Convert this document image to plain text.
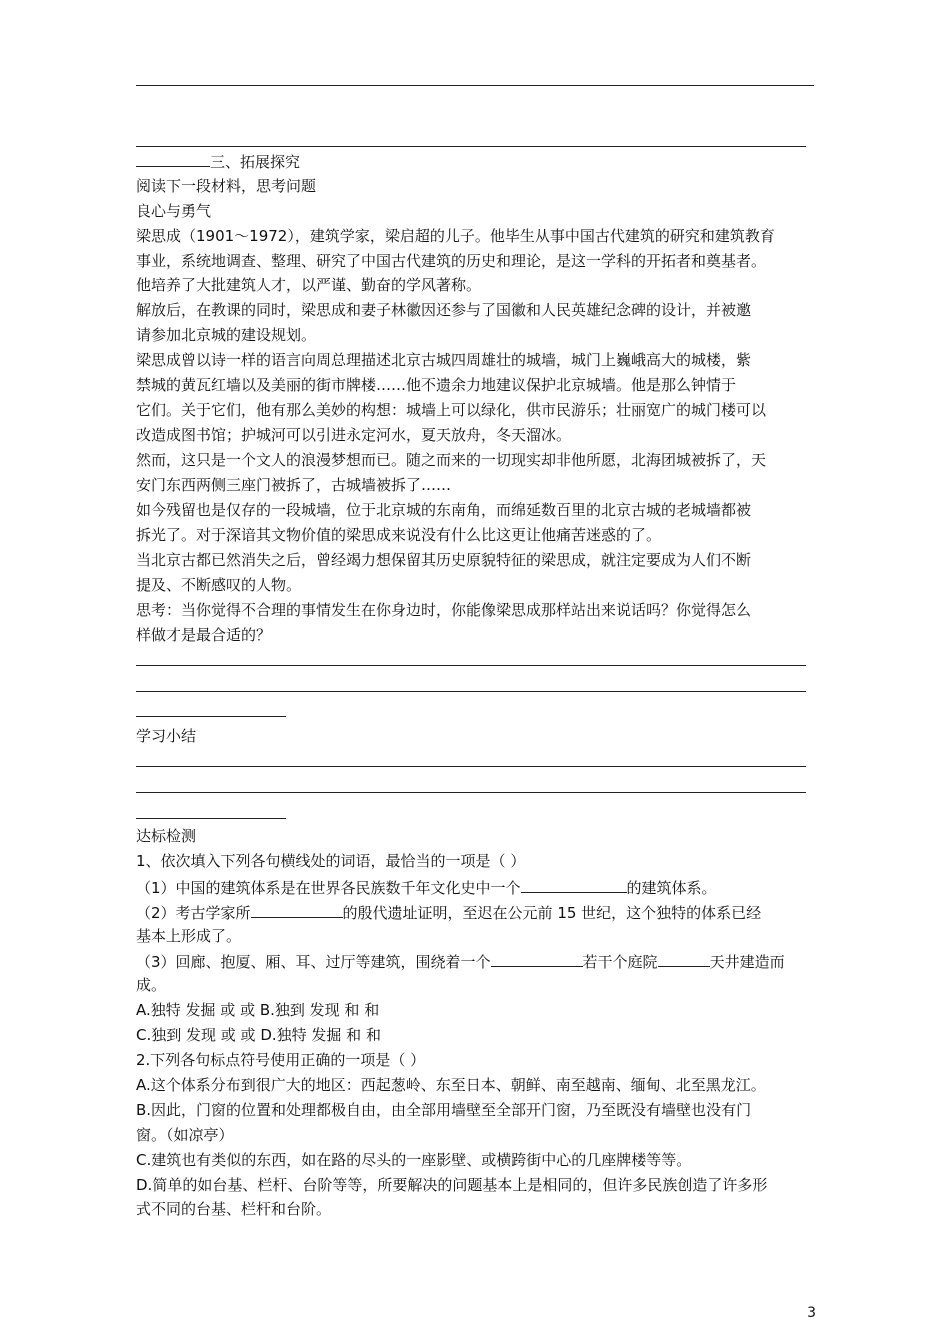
三、拓展探究
阅读下一段材料，思考问题
良心与勇气
梁思成（1901～1972），建筑学家，梁启超的儿子。他毕生从事中国古代建筑的研究和建筑教育
事业，系统地调查、整理、研究了中国古代建筑的历史和理论，是这一学科的开拓者和奠基者。
他培养了大批建筑人才，以严谨、勤奋的学风著称。
解放后，在教课的同时，梁思成和妻子林徽因还参与了国徽和人民英雄纪念碑的设计，并被邀
请参加北京城的建设规划。
梁思成曾以诗一样的语言向周总理描述北京古城四周雄壮的城墙，城门上巍峨高大的城楼，紫
禁城的黄瓦红墙以及美丽的街市牌楼……他不遗余力地建议保护北京城墙。他是那么钟情于
它们。关于它们，他有那么美妙的构想：城墙上可以绿化，供市民游乐；壮丽宽广的城门楼可以
改造成图书馆；护城河可以引进永定河水，夏天放舟，冬天溜冰。
然而，这只是一个文人的浪漫梦想而已。随之而来的一切现实却非他所愿，北海团城被拆了，天
安门东西两侧三座门被拆了，古城墙被拆了……
如今残留也是仅存的一段城墙，位于北京城的东南角，而绵延数百里的北京古城的老城墙都被
拆光了。对于深谙其文物价值的梁思成来说没有什么比这更让他痛苦迷惑的了。
当北京古都已然消失之后，曾经竭力想保留其历史原貌特征的梁思成，就注定要成为人们不断
提及、不断感叹的人物。
思考：当你觉得不合理的事情发生在你身边时，你能像梁思成那样站出来说话吗？你觉得怎么
样做才是最合适的？
学习小结
达标检测
1、依次填入下列各句横线处的词语，最恰当的一项是（ ）
（1）中国的建筑体系是在世界各民族数千年文化史中一个	的建筑体系。
（2）考古学家所	的殷代遗址证明，至迟在公元前 15 世纪，这个独特的体系已经
基本上形成了。
（3）回廊、抱厦、厢、耳、过厅等建筑，围绕着一个	若干个庭院	天井建造而
成。
A.独特 发掘 或 或 B.独到 发现 和 和
C.独到 发现 或 或 D.独特 发掘 和 和
2.下列各句标点符号使用正确的一项是（ ）
A.这个体系分布到很广大的地区：西起葱岭、东至日本、朝鲜、南至越南、缅甸、北至黑龙江。
B.因此，门窗的位置和处理都极自由，由全部用墙壁至全部开门窗，乃至既没有墙壁也没有门
窗。（如凉亭）
C.建筑也有类似的东西，如在路的尽头的一座影壁、或横跨街中心的几座牌楼等等。
D.简单的如台基、栏杆、台阶等等，所要解决的问题基本上是相同的，但许多民族创造了许多形
式不同的台基、栏杆和台阶。
3
